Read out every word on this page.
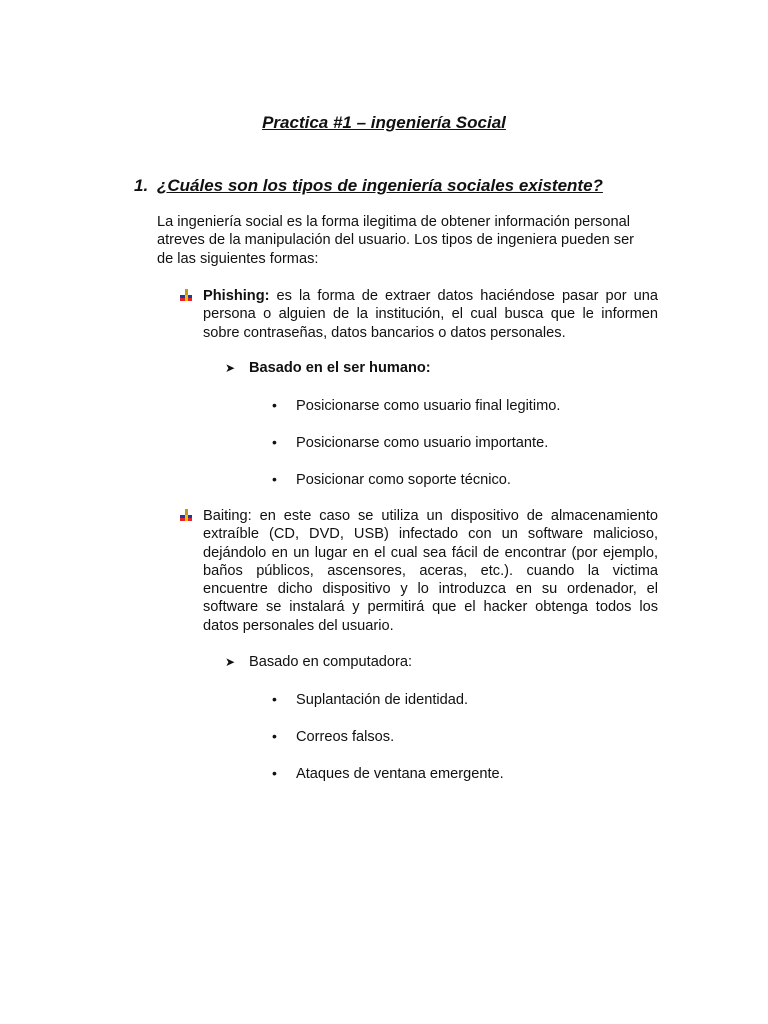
Practica #1 – ingeniería Social
1. ¿Cuáles son los tipos de ingeniería sociales existente?
La ingeniería social es la forma ilegitima de obtener información personal
atreves de la manipulación del usuario. Los tipos de ingeniera pueden ser
de las siguientes formas:
Phishing: es la forma de extraer datos haciéndose pasar por una
persona o alguien de la institución, el cual busca que le informen
sobre contraseñas, datos bancarios o datos personales.
➤ Basado en el ser humano:
• Posicionarse como usuario final legitimo.
• Posicionarse como usuario importante.
• Posicionar como soporte técnico.
Baiting: en este caso se utiliza un dispositivo de almacenamiento
extraíble (CD, DVD, USB) infectado con un software malicioso,
dejándolo en un lugar en el cual sea fácil de encontrar (por ejemplo,
baños públicos, ascensores, aceras, etc.). cuando la victima
encuentre dicho dispositivo y lo introduzca en su ordenador, el
software se instalará y permitirá que el hacker obtenga todos los
datos personales del usuario.
➤ Basado en computadora:
• Suplantación de identidad.
• Correos falsos.
• Ataques de ventana emergente.
